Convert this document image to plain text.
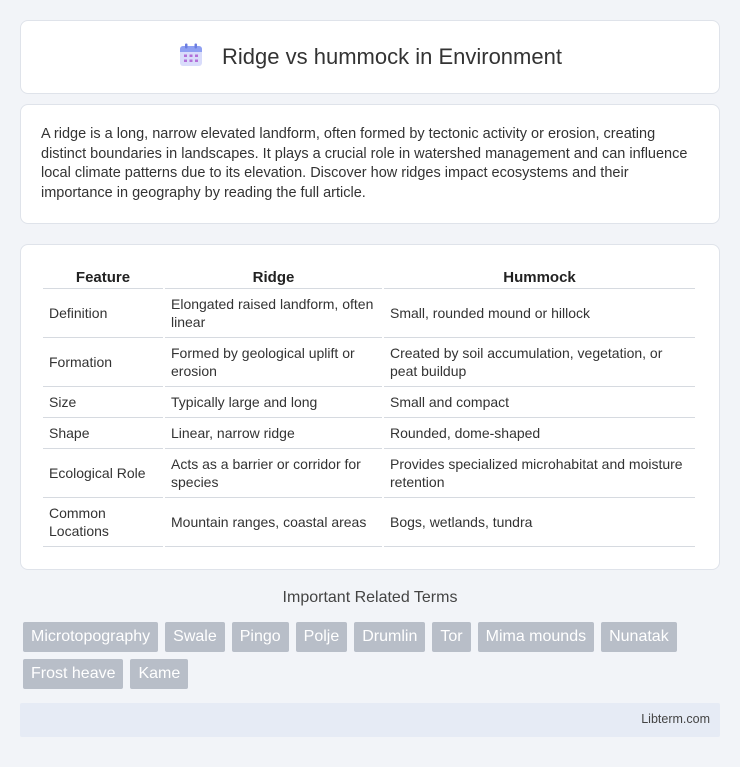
Ridge vs hummock in Environment

A ridge is a long, narrow elevated landform, often formed by tectonic activity or erosion, creating distinct boundaries in landscapes. It plays a crucial role in watershed management and can influence local climate patterns due to its elevation. Discover how ridges impact ecosystems and their importance in geography by reading the full article.

Feature	Ridge	Hummock
Definition	Elongated raised landform, often linear	Small, rounded mound or hillock
Formation	Formed by geological uplift or erosion	Created by soil accumulation, vegetation, or peat buildup
Size	Typically large and long	Small and compact
Shape	Linear, narrow ridge	Rounded, dome-shaped
Ecological Role	Acts as a barrier or corridor for species	Provides specialized microhabitat and moisture retention
Common Locations	Mountain ranges, coastal areas	Bogs, wetlands, tundra
Important Related Terms
Microtopography	Swale	Pingo	Polje	Drumlin	Tor	Mima mounds	Nunatak
Frost heave	Kame
Libterm.com
